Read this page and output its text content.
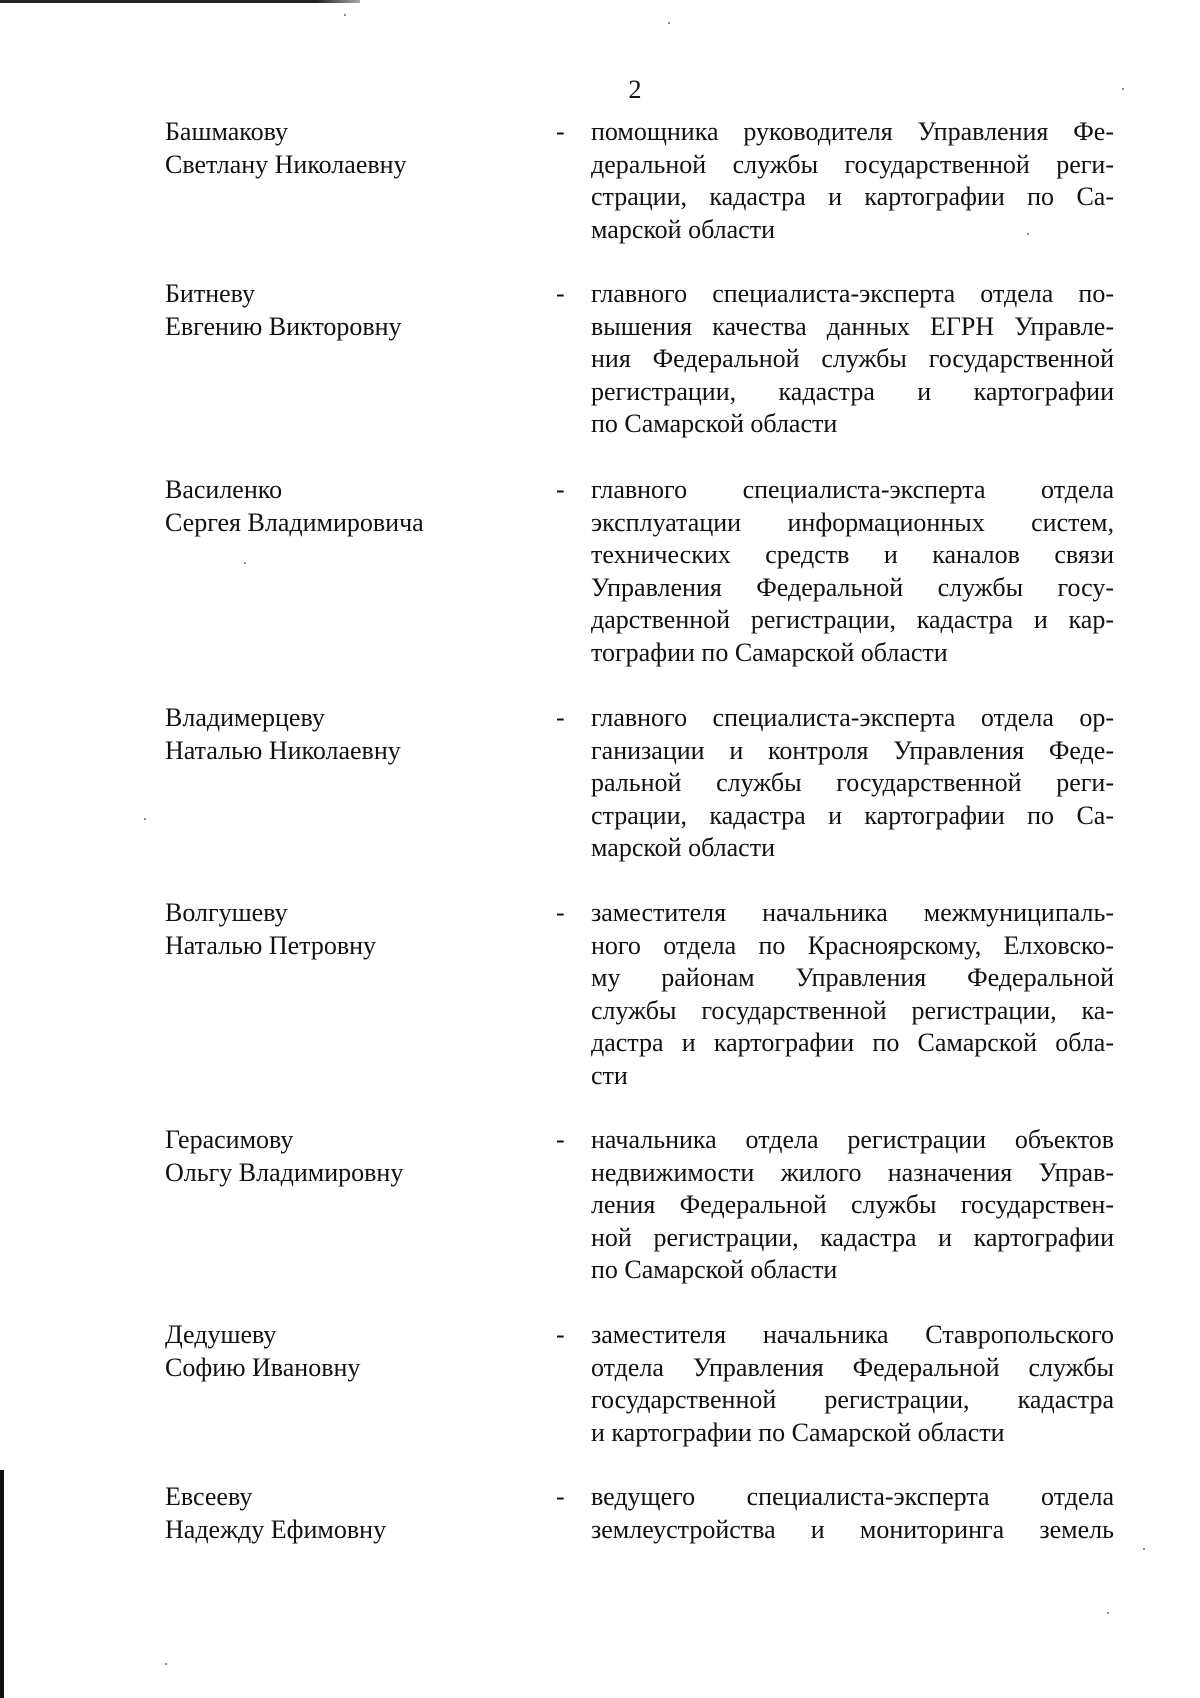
2
Башмакову
Светлану Николаевну
- помощника руководителя Управления Фе-
деральной службы государственной реги-
страции, кадастра и картографии по Са-
марской области
Битневу
Евгению Викторовну
- главного специалиста-эксперта отдела по-
вышения качества данных ЕГРН Управле-
ния Федеральной службы государственной
регистрации, кадастра и картографии
по Самарской области
Василенко
Сергея Владимировича
- главного специалиста-эксперта отдела
эксплуатации информационных систем,
технических средств и каналов связи
Управления Федеральной службы госу-
дарственной регистрации, кадастра и кар-
тографии по Самарской области
Владимерцеву
Наталью Николаевну
- главного специалиста-эксперта отдела ор-
ганизации и контроля Управления Феде-
ральной службы государственной реги-
страции, кадастра и картографии по Са-
марской области
Волгушеву
Наталью Петровну
- заместителя начальника межмуниципаль-
ного отдела по Красноярскому, Елховско-
му районам Управления Федеральной
службы государственной регистрации, ка-
дастра и картографии по Самарской обла-
сти
Герасимову
Ольгу Владимировну
- начальника отдела регистрации объектов
недвижимости жилого назначения Управ-
ления Федеральной службы государствен-
ной регистрации, кадастра и картографии
по Самарской области
Дедушеву
Софию Ивановну
- заместителя начальника Ставропольского
отдела Управления Федеральной службы
государственной регистрации, кадастра
и картографии по Самарской области
Евсееву
Надежду Ефимовну
- ведущего специалиста-эксперта отдела
землеустройства и мониторинга земель
